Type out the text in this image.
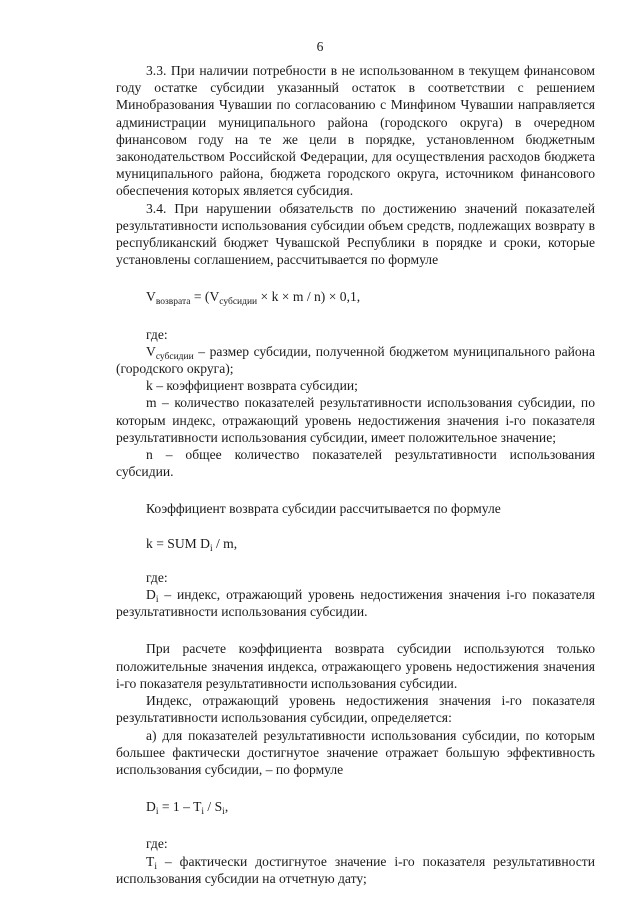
6

3.3. При наличии потребности в не использованном в текущем финансовом году остатке субсидии указанный остаток в соответствии с решением Минобразования Чувашии по согласованию с Минфином Чувашии направляется администрации муниципального района (городского округа) в очередном финансовом году на те же цели в порядке, установленном бюджетным законодательством Российской Федерации, для осуществления расходов бюджета муниципального района, бюджета городского округа, источником финансового обеспечения которых является субсидия.

3.4. При нарушении обязательств по достижению значений показателей результативности использования субсидии объем средств, подлежащих возврату в республиканский бюджет Чувашской Республики в порядке и сроки, которые установлены соглашением, рассчитывается по формуле

$V_{возврата} = (V_{субсидии} \times k \times m / n) \times 0,1$,

где:

$V_{субсидии}$ – размер субсидии, полученной бюджетом муниципального района (городского округа);

k – коэффициент возврата субсидии;

m – количество показателей результативности использования субсидии, по которым индекс, отражающий уровень недостижения значения i-го показателя результативности использования субсидии, имеет положительное значение;

n – общее количество показателей результативности использования субсидии.

Коэффициент возврата субсидии рассчитывается по формуле

k = SUM $D_i$ / m,

где:

$D_i$ – индекс, отражающий уровень недостижения значения i-го показателя результативности использования субсидии.

При расчете коэффициента возврата субсидии используются только положительные значения индекса, отражающего уровень недостижения значения i-го показателя результативности использования субсидии.

Индекс, отражающий уровень недостижения значения i-го показателя результативности использования субсидии, определяется:

а) для показателей результативности использования субсидии, по которым большее фактически достигнутое значение отражает большую эффективность использования субсидии, – по формуле

$D_i = 1 - T_i / S_i$,

где:

$T_i$ – фактически достигнутое значение i-го показателя результативности использования субсидии на отчетную дату;
